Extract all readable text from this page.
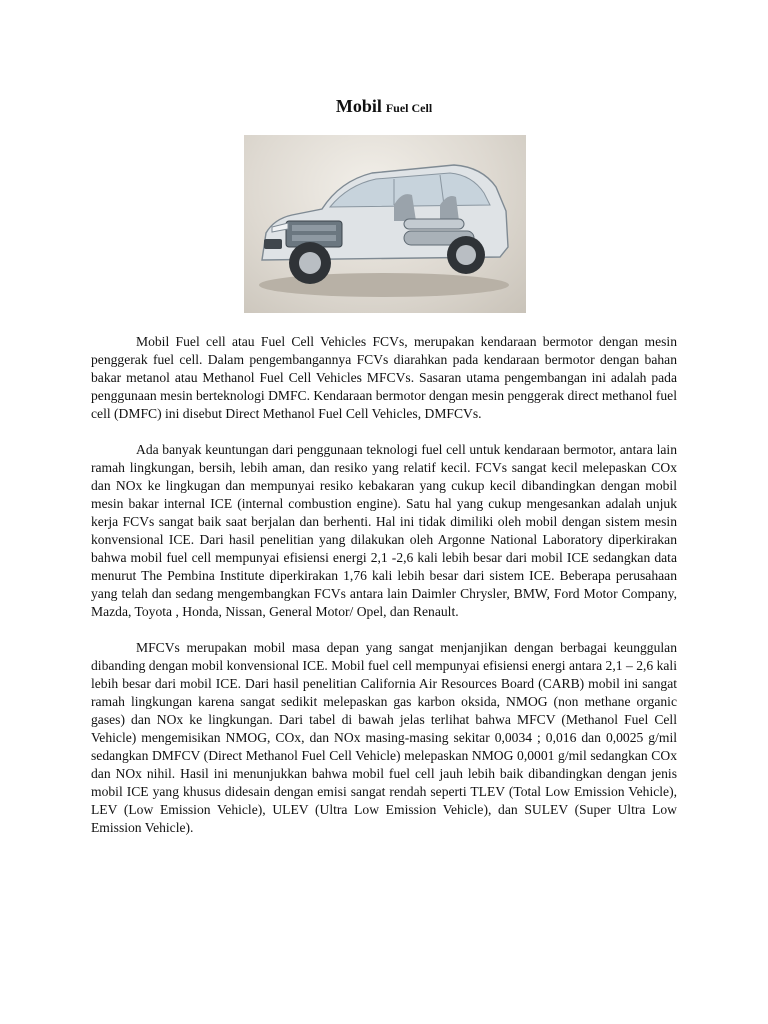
Mobil Fuel Cell

Mobil Fuel cell atau Fuel Cell Vehicles FCVs, merupakan kendaraan bermotor dengan mesin penggerak fuel cell. Dalam pengembangannya FCVs diarahkan pada kendaraan bermotor dengan bahan bakar metanol atau Methanol Fuel Cell Vehicles MFCVs. Sasaran utama pengembangan ini adalah pada penggunaan mesin berteknologi DMFC. Kendaraan bermotor dengan mesin penggerak direct methanol fuel cell (DMFC) ini disebut Direct Methanol Fuel Cell Vehicles, DMFCVs.

Ada banyak keuntungan dari penggunaan teknologi fuel cell untuk kendaraan bermotor, antara lain ramah lingkungan, bersih, lebih aman, dan resiko yang relatif kecil. FCVs sangat kecil melepaskan COx dan NOx ke lingkugan dan mempunyai resiko kebakaran yang cukup kecil dibandingkan dengan mobil mesin bakar internal ICE (internal combustion engine). Satu hal yang cukup mengesankan adalah unjuk kerja FCVs sangat baik saat berjalan dan berhenti. Hal ini tidak dimiliki oleh mobil dengan sistem mesin konvensional ICE. Dari hasil penelitian yang dilakukan oleh Argonne National Laboratory diperkirakan bahwa mobil fuel cell mempunyai efisiensi energi 2,1 -2,6 kali lebih besar dari mobil ICE sedangkan data menurut The Pembina Institute diperkirakan 1,76 kali lebih besar dari sistem ICE. Beberapa perusahaan yang telah dan sedang mengembangkan FCVs antara lain Daimler Chrysler, BMW, Ford Motor Company, Mazda, Toyota , Honda, Nissan, General Motor/ Opel, dan Renault.

MFCVs merupakan mobil masa depan yang sangat menjanjikan dengan berbagai keunggulan dibanding dengan mobil konvensional ICE. Mobil fuel cell mempunyai efisiensi energi antara 2,1 – 2,6 kali lebih besar dari mobil ICE. Dari hasil penelitian California Air Resources Board (CARB) mobil ini sangat ramah lingkungan karena sangat sedikit melepaskan gas karbon oksida, NMOG (non methane organic gases) dan NOx ke lingkungan. Dari tabel di bawah jelas terlihat bahwa MFCV (Methanol Fuel Cell Vehicle) mengemisikan NMOG, COx, dan NOx masing-masing sekitar 0,0034 ; 0,016 dan 0,0025 g/mil sedangkan DMFCV (Direct Methanol Fuel Cell Vehicle) melepaskan NMOG 0,0001 g/mil sedangkan COx dan NOx nihil. Hasil ini menunjukkan bahwa mobil fuel cell jauh lebih baik dibandingkan dengan jenis mobil ICE yang khusus didesain dengan emisi sangat rendah seperti TLEV (Total Low Emission Vehicle), LEV (Low Emission Vehicle), ULEV (Ultra Low Emission Vehicle), dan SULEV (Super Ultra Low Emission Vehicle).
